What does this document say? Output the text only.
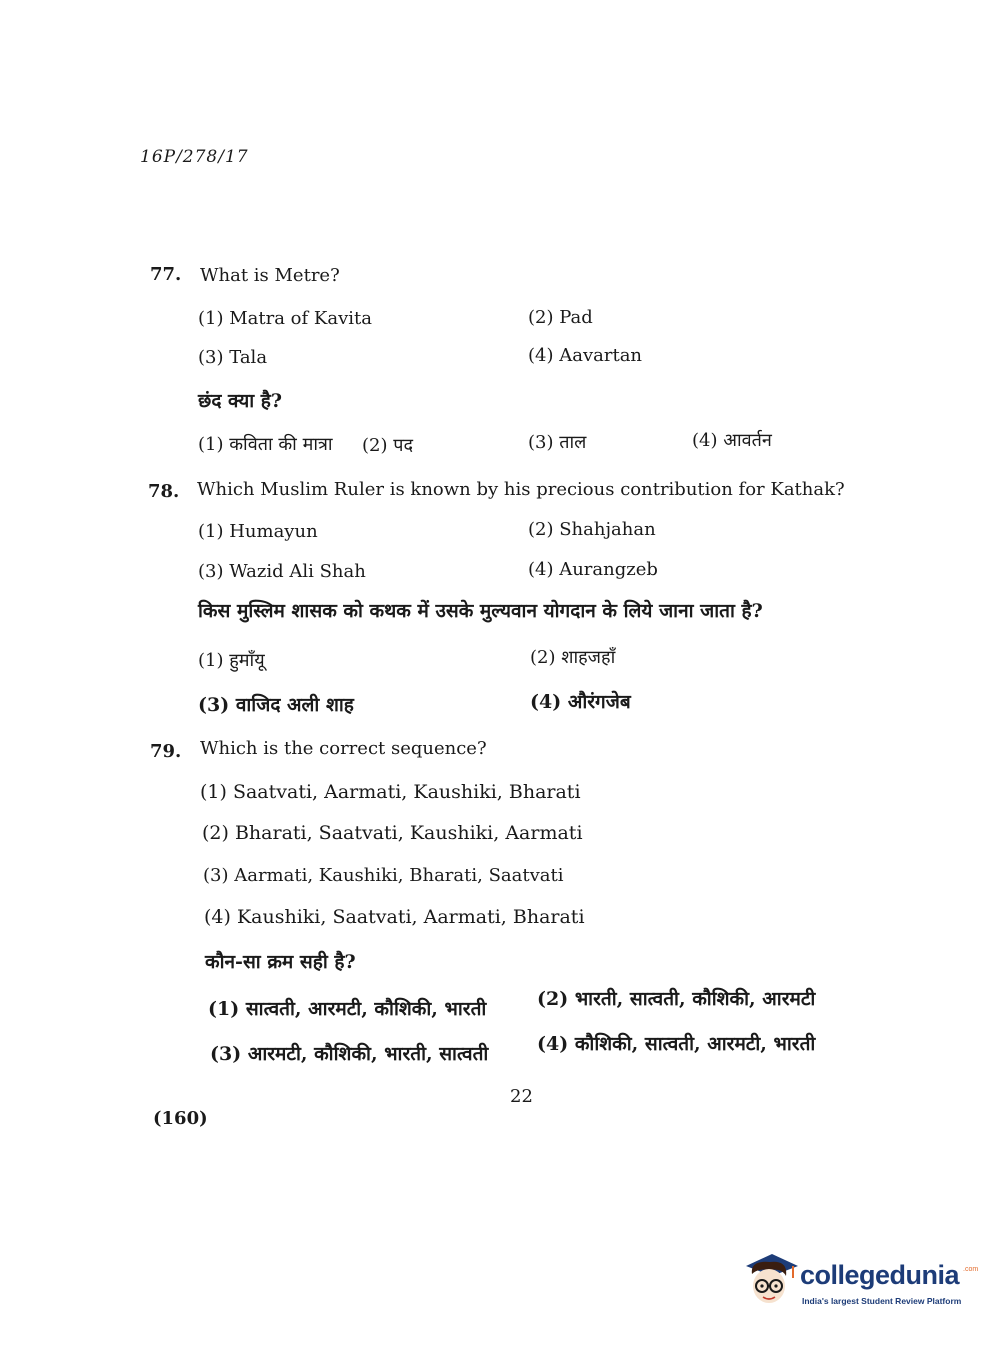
16P/278/17
77. What is Metre?
(1) Matra of Kavita	(2) Pad
(3) Tala	(4) Aavartan
छंद क्या है?
(1) कविता की मात्रा (2) पद	(3) ताल	(4) आवर्तन
78. Which Muslim Ruler is known by his precious contribution for Kathak?
(1) Humayun	(2) Shahjahan
(3) Wazid Ali Shah	(4) Aurangzeb
किस मुस्लिम शासक को कथक में उसके मुल्यवान योगदान के लिये जाना जाता है?
(1) हुमाँयू	(2) शाहजहाँ
(3) वाजिद अली शाह	(4) औरंगजेब
79. Which is the correct sequence?
(1) Saatvati, Aarmati, Kaushiki, Bharati
(2) Bharati, Saatvati, Kaushiki, Aarmati
(3) Aarmati, Kaushiki, Bharati, Saatvati
(4) Kaushiki, Saatvati, Aarmati, Bharati
कौन-सा क्रम सही है?
(1) सात्वती, आरमटी, कौशिकी, भारती	(2) भारती, सात्वती, कौशिकी, आरमटी
(3) आरमटी, कौशिकी, भारती, सात्वती	(4) कौशिकी, सात्वती, आरमटी, भारती
22
(160)
collegedunia .com
India's largest Student Review Platform
